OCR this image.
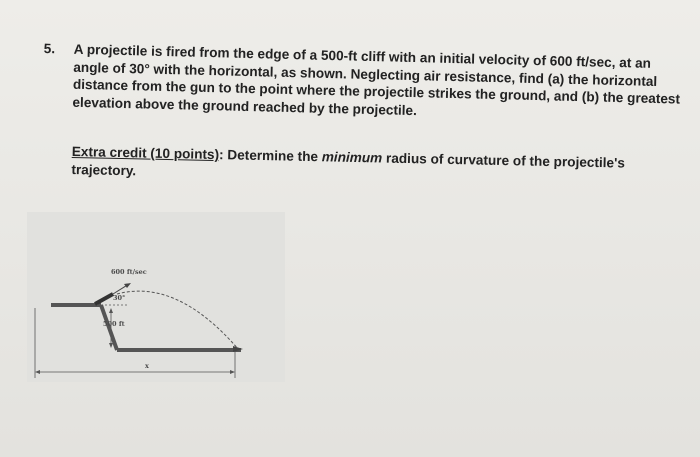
5.	A projectile is fired from the edge of a 500-ft cliff with an initial velocity of 600 ft/sec, at an angle of 30° with the horizontal, as shown. Neglecting air resistance, find (a) the horizontal distance from the gun to the point where the projectile strikes the ground, and (b) the greatest elevation above the ground reached by the projectile.
Extra credit (10 points): Determine the minimum radius of curvature of the projectile's trajectory.
600 ft/sec
30°
500 ft
x
